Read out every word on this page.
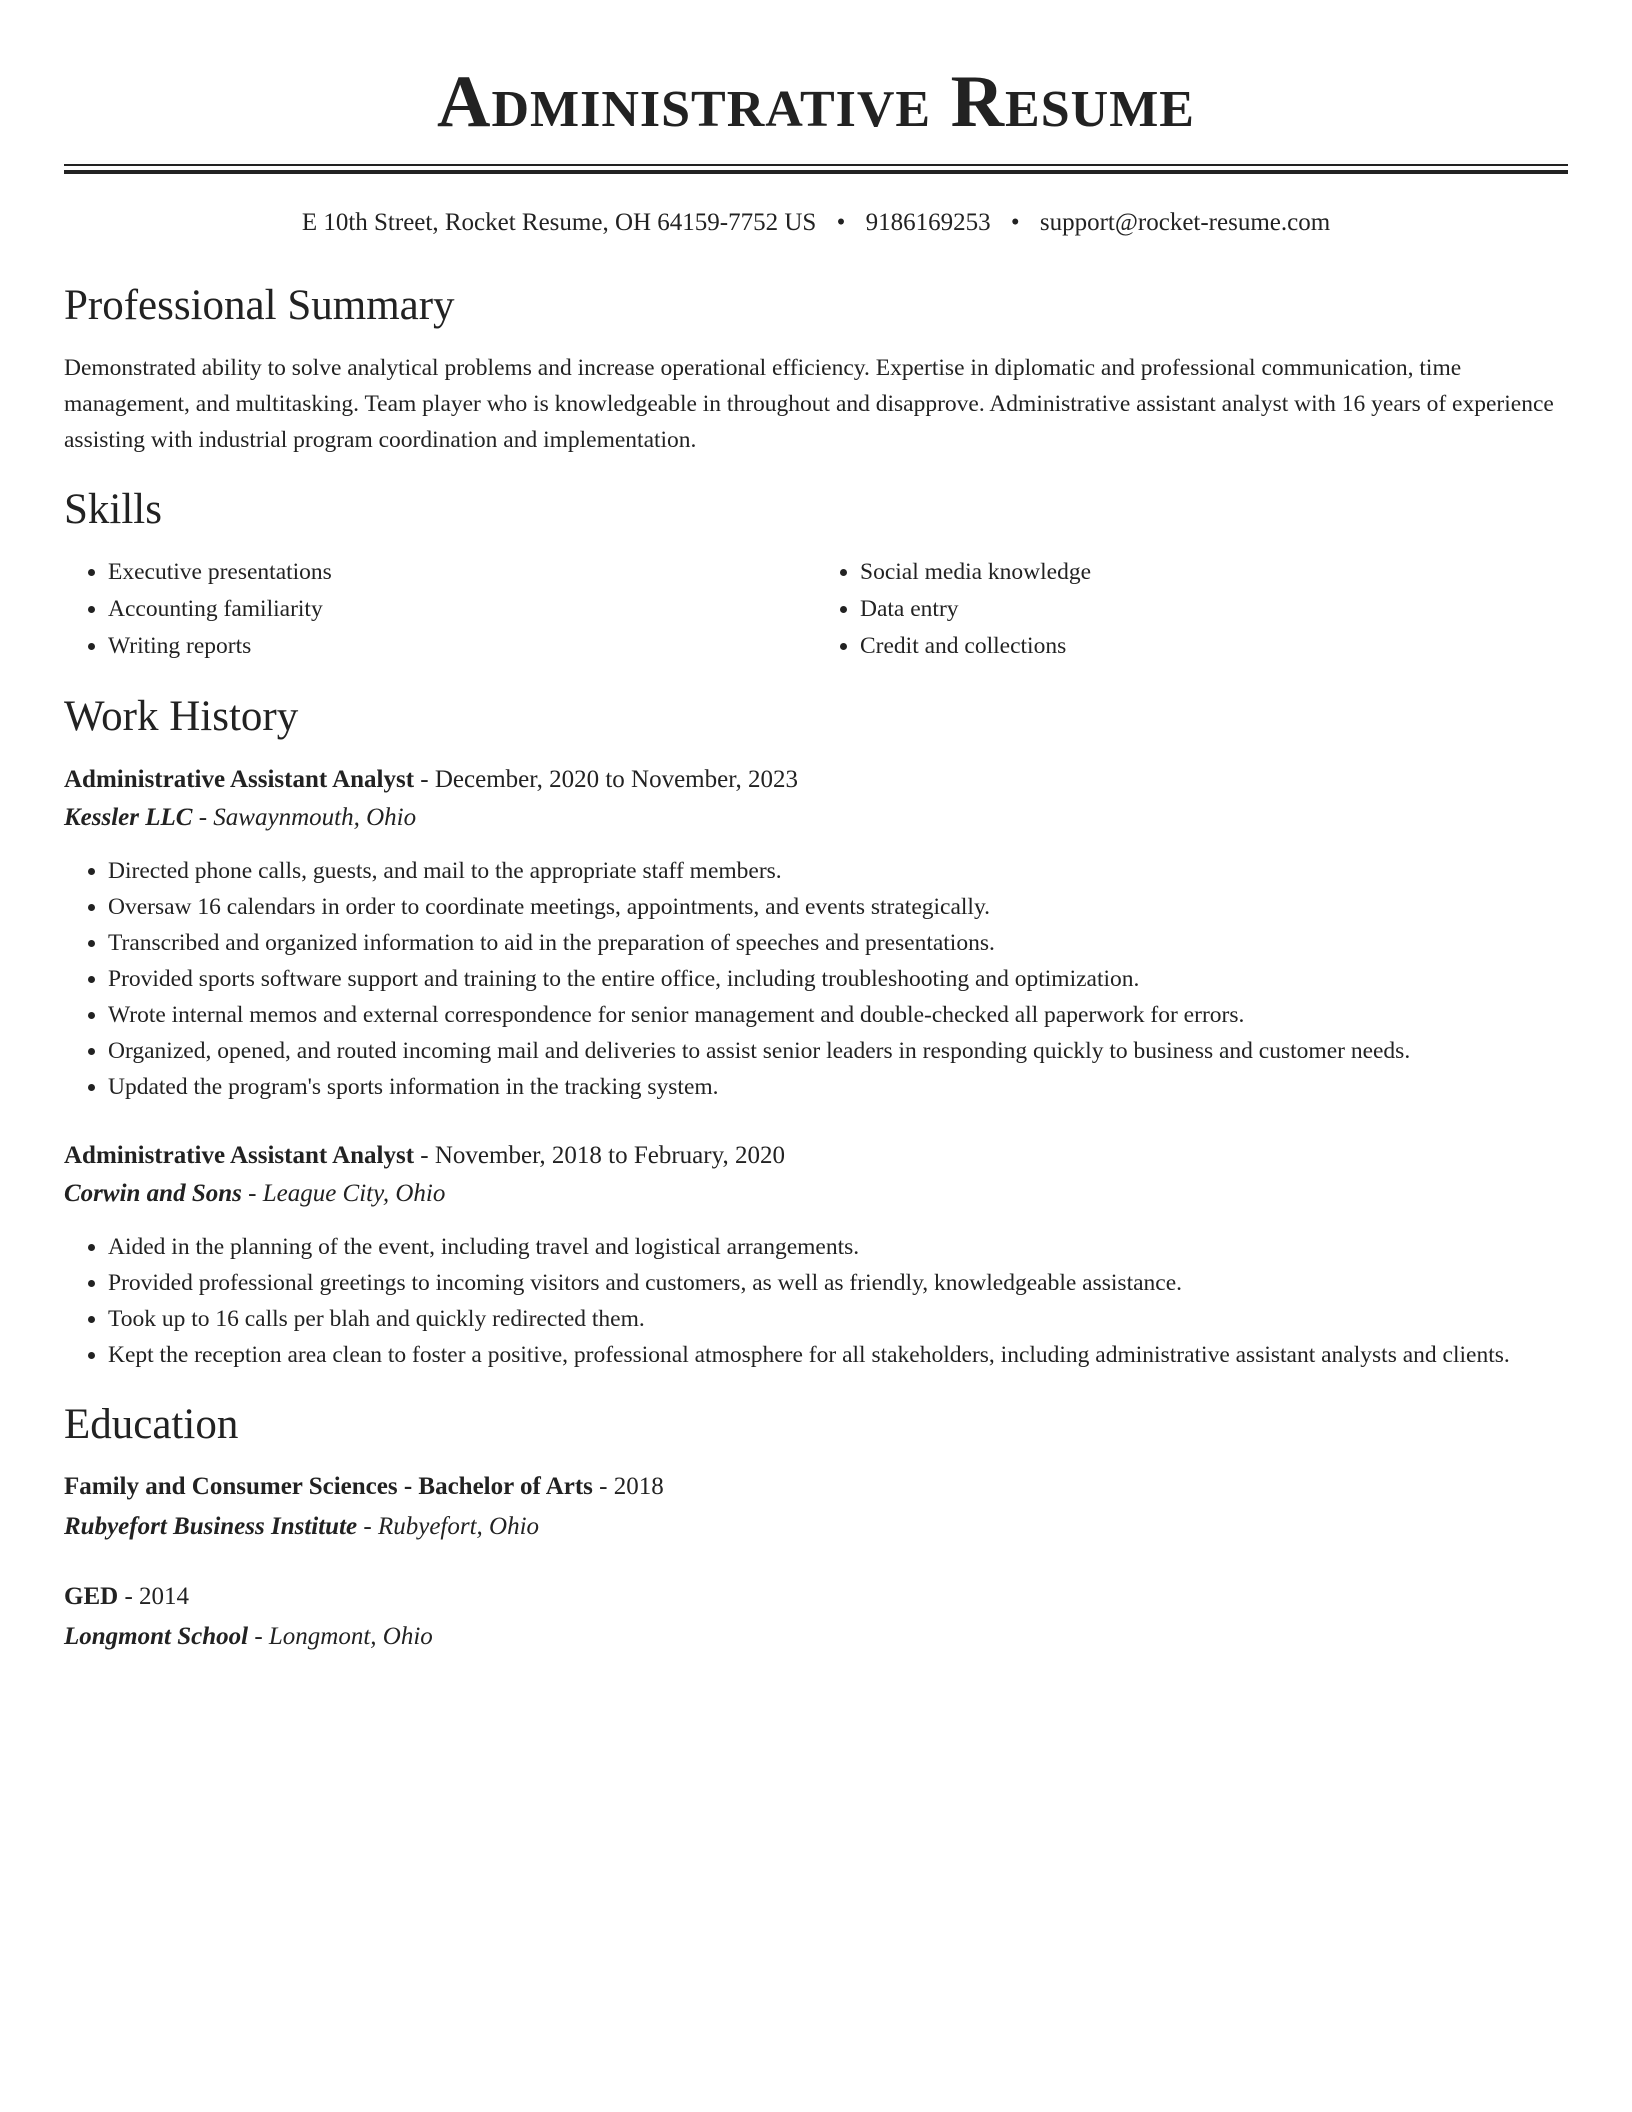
Administrative Resume
E 10th Street, Rocket Resume, OH 64159-7752 US • 9186169253 • support@rocket-resume.com
Professional Summary

Demonstrated ability to solve analytical problems and increase operational efficiency. Expertise in diplomatic and professional communication, time management, and multitasking. Team player who is knowledgeable in throughout and disapprove. Administrative assistant analyst with 16 years of experience assisting with industrial program coordination and implementation.

Skills
• Executive presentations
• Accounting familiarity
• Writing reports
• Social media knowledge
• Data entry
• Credit and collections
Work History
Administrative Assistant Analyst - December, 2020 to November, 2023
Kessler LLC - Sawaynmouth, Ohio
• Directed phone calls, guests, and mail to the appropriate staff members.
• Oversaw 16 calendars in order to coordinate meetings, appointments, and events strategically.
• Transcribed and organized information to aid in the preparation of speeches and presentations.
• Provided sports software support and training to the entire office, including troubleshooting and optimization.
• Wrote internal memos and external correspondence for senior management and double-checked all paperwork for errors.
• Organized, opened, and routed incoming mail and deliveries to assist senior leaders in responding quickly to business and customer needs.
• Updated the program's sports information in the tracking system.
Administrative Assistant Analyst - November, 2018 to February, 2020
Corwin and Sons - League City, Ohio
• Aided in the planning of the event, including travel and logistical arrangements.
• Provided professional greetings to incoming visitors and customers, as well as friendly, knowledgeable assistance.
• Took up to 16 calls per blah and quickly redirected them.
• Kept the reception area clean to foster a positive, professional atmosphere for all stakeholders, including administrative assistant analysts and clients.
Education
Family and Consumer Sciences - Bachelor of Arts - 2018
Rubyefort Business Institute - Rubyefort, Ohio
GED - 2014
Longmont School - Longmont, Ohio
